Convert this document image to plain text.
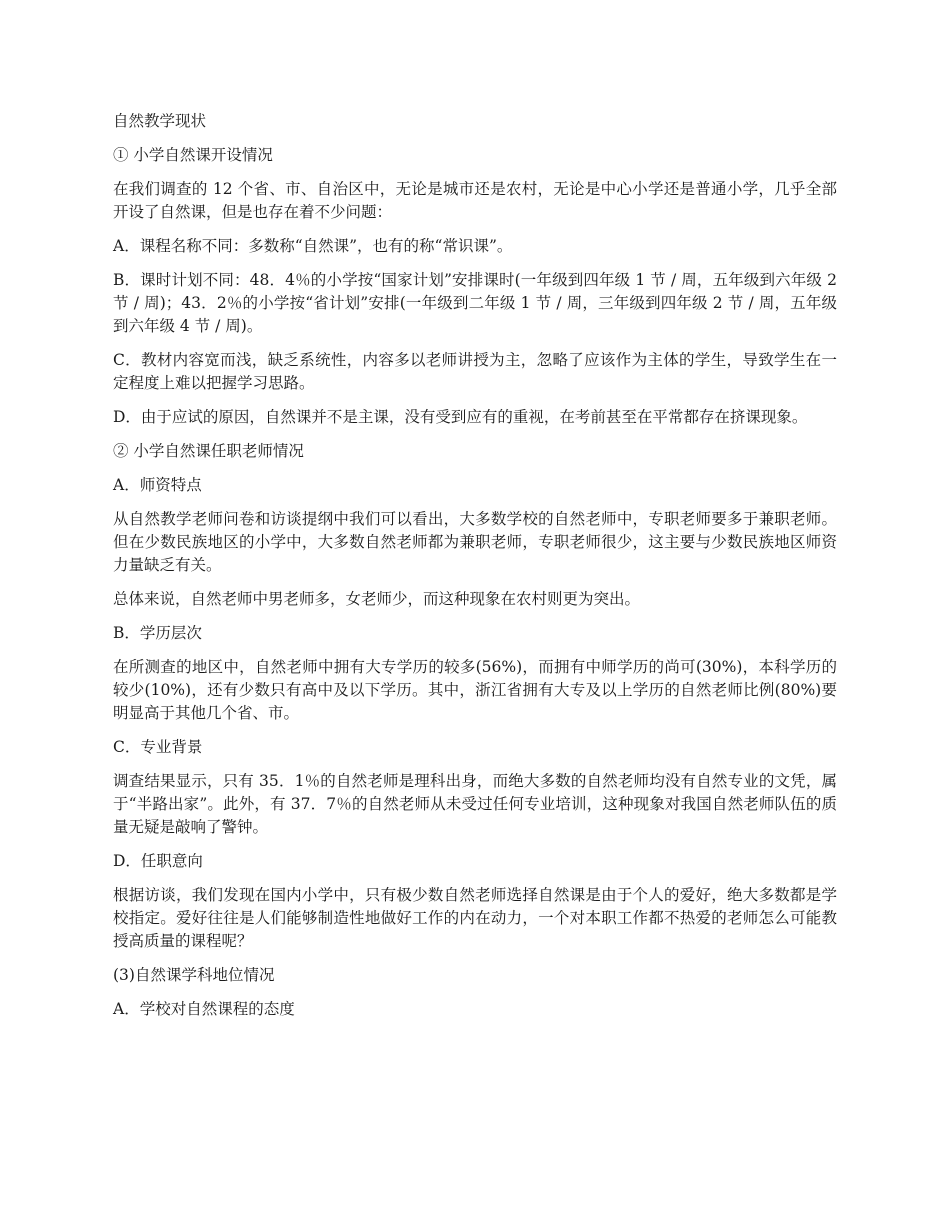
自然教学现状

① 小学自然课开设情况

在我们调查的 12 个省、市、自治区中，无论是城市还是农村，无论是中心小学还是普通小学，几乎全部开设了自然课，但是也存在着不少问题：

A．课程名称不同：多数称“自然课”，也有的称“常识课”。

B．课时计划不同：48．4％的小学按“国家计划”安排课时(一年级到四年级 1 节 / 周，五年级到六年级 2 节 / 周)；43．2％的小学按“省计划”安排(一年级到二年级 1 节 / 周，三年级到四年级 2 节 / 周，五年级到六年级 4 节 / 周)。

C．教材内容宽而浅，缺乏系统性，内容多以老师讲授为主，忽略了应该作为主体的学生，导致学生在一定程度上难以把握学习思路。

D．由于应试的原因，自然课并不是主课，没有受到应有的重视，在考前甚至在平常都存在挤课现象。

② 小学自然课任职老师情况

A．师资特点

从自然教学老师问卷和访谈提纲中我们可以看出，大多数学校的自然老师中，专职老师要多于兼职老师。但在少数民族地区的小学中，大多数自然老师都为兼职老师，专职老师很少，这主要与少数民族地区师资力量缺乏有关。

总体来说，自然老师中男老师多，女老师少，而这种现象在农村则更为突出。

B．学历层次

在所测查的地区中，自然老师中拥有大专学历的较多(56%)，而拥有中师学历的尚可(30%)，本科学历的较少(10%)，还有少数只有高中及以下学历。其中，浙江省拥有大专及以上学历的自然老师比例(80%)要明显高于其他几个省、市。

C．专业背景

调查结果显示，只有 35．1％的自然老师是理科出身，而绝大多数的自然老师均没有自然专业的文凭，属于“半路出家”。此外，有 37．7％的自然老师从未受过任何专业培训，这种现象对我国自然老师队伍的质量无疑是敲响了警钟。

D．任职意向

根据访谈，我们发现在国内小学中，只有极少数自然老师选择自然课是由于个人的爱好，绝大多数都是学校指定。爱好往往是人们能够制造性地做好工作的内在动力，一个对本职工作都不热爱的老师怎么可能教授高质量的课程呢？

(3)自然课学科地位情况

A．学校对自然课程的态度
